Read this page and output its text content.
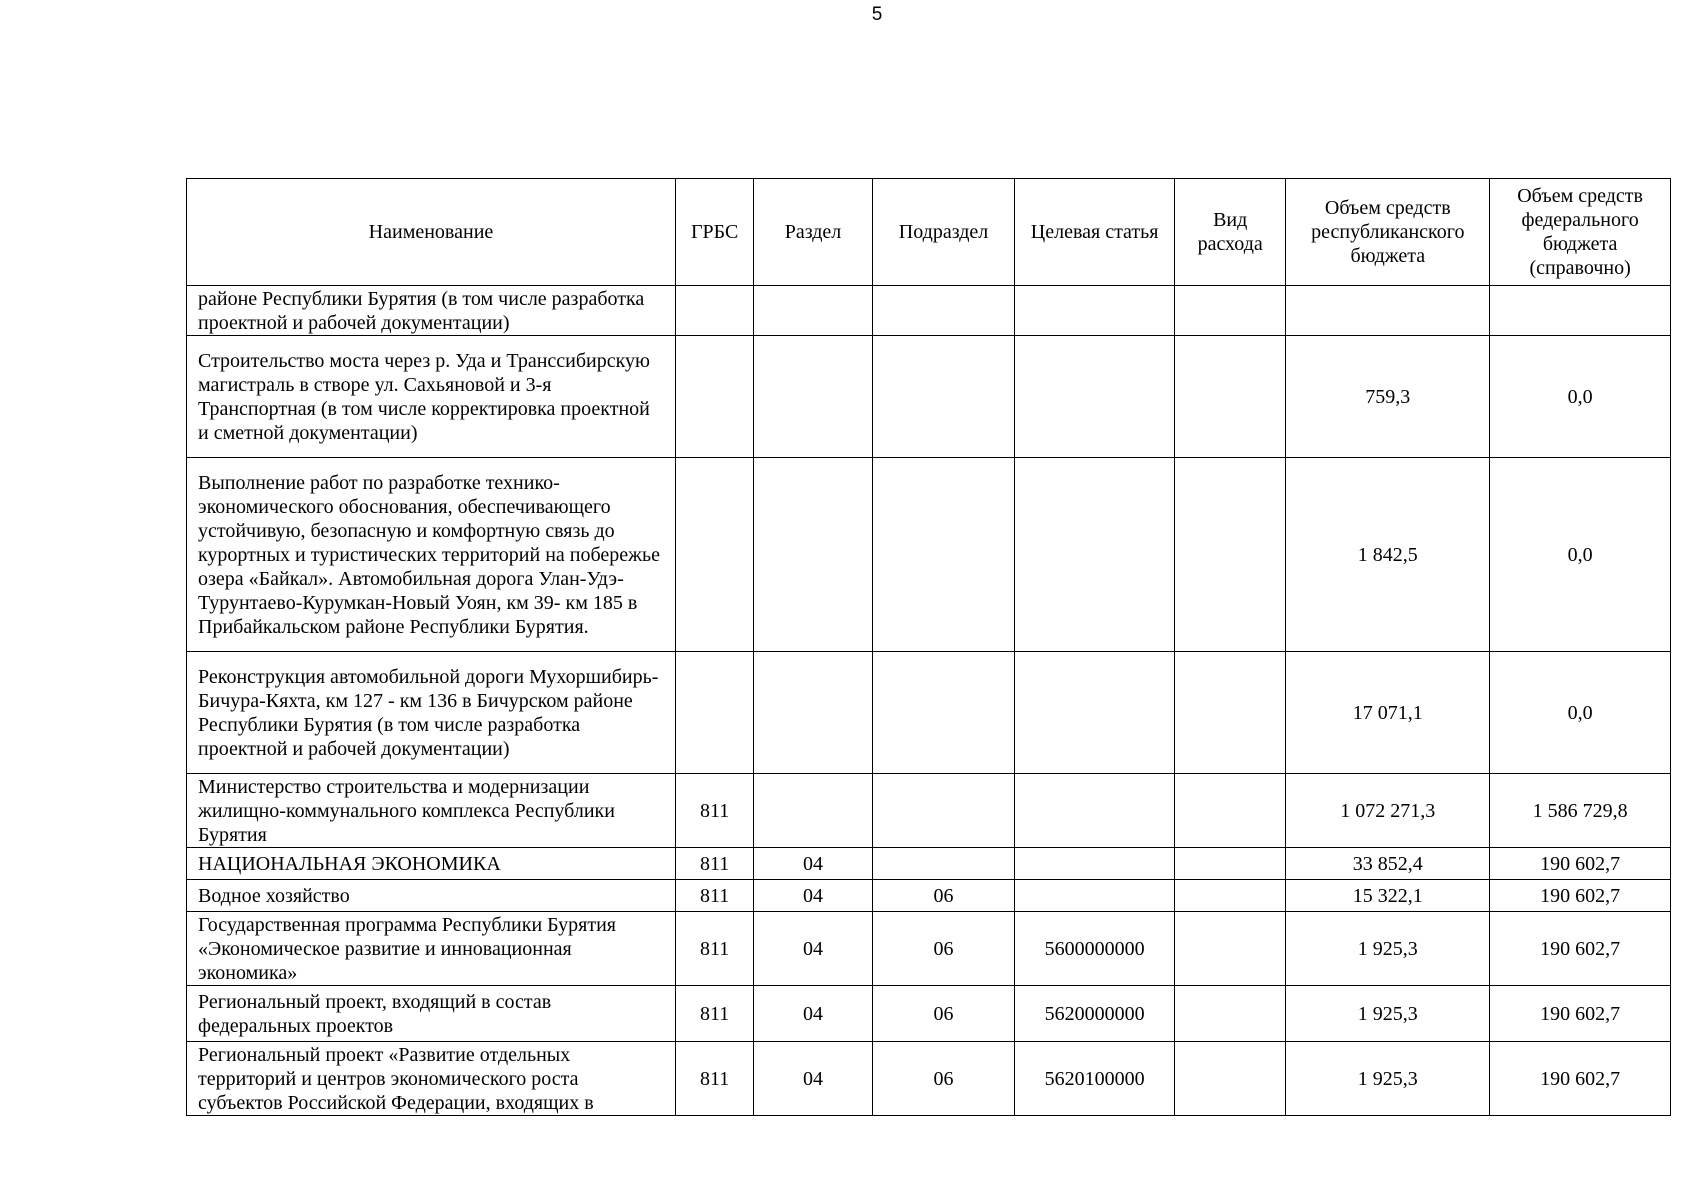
5
Наименование	ГРБС	Раздел	Подраздел	Целевая статья	Вид расхода	Объем средств республиканского бюджета	Объем средств федерального бюджета (справочно)
районе Республики Бурятия (в том числе разработка проектной и рабочей документации)							
Строительство моста через р. Уда и Транссибирскую магистраль в створе ул. Сахьяновой и 3-я Транспортная (в том числе корректировка проектной и сметной документации)						759,3	0,0
Выполнение работ по разработке технико-экономического обоснования, обеспечивающего устойчивую, безопасную и комфортную связь до курортных и туристических территорий на побережье озера «Байкал». Автомобильная дорога Улан-Удэ-Турунтаево-Курумкан-Новый Уоян, км 39- км 185 в Прибайкальском районе Республики Бурятия.						1 842,5	0,0
Реконструкция автомобильной дороги Мухоршибирь-Бичура-Кяхта, км 127 - км 136 в Бичурском районе Республики Бурятия (в том числе разработка проектной и рабочей документации)						17 071,1	0,0
Министерство строительства и модернизации жилищно-коммунального комплекса Республики Бурятия	811					1 072 271,3	1 586 729,8
НАЦИОНАЛЬНАЯ ЭКОНОМИКА	811	04				33 852,4	190 602,7
Водное хозяйство	811	04	06			15 322,1	190 602,7
Государственная программа Республики Бурятия «Экономическое развитие и инновационная экономика»	811	04	06	5600000000		1 925,3	190 602,7
Региональный проект, входящий в состав федеральных проектов	811	04	06	5620000000		1 925,3	190 602,7
Региональный проект «Развитие отдельных территорий и центров экономического роста субъектов Российской Федерации, входящих в	811	04	06	5620100000		1 925,3	190 602,7
